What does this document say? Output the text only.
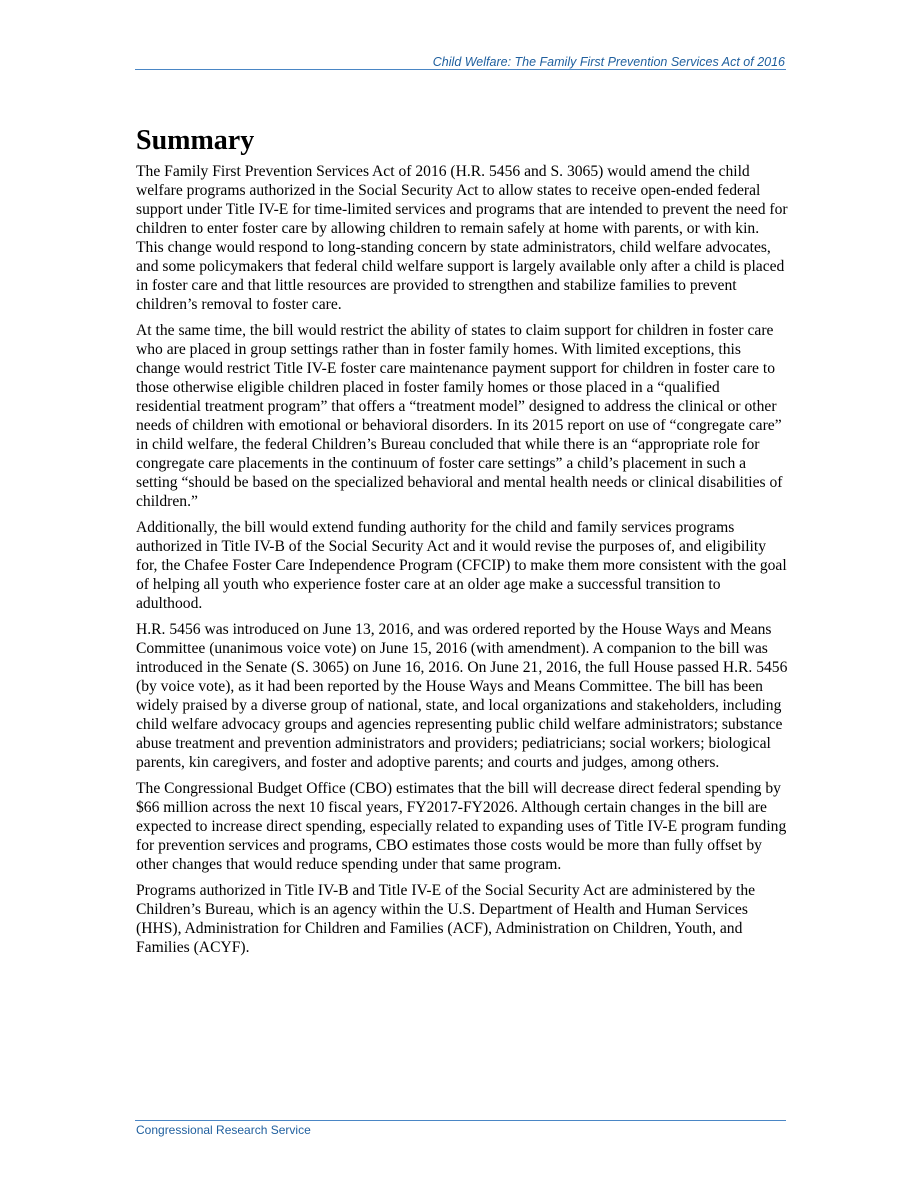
Child Welfare: The Family First Prevention Services Act of 2016
Summary

The Family First Prevention Services Act of 2016 (H.R. 5456 and S. 3065) would amend the child welfare programs authorized in the Social Security Act to allow states to receive open-ended federal support under Title IV-E for time-limited services and programs that are intended to prevent the need for children to enter foster care by allowing children to remain safely at home with parents, or with kin. This change would respond to long-standing concern by state administrators, child welfare advocates, and some policymakers that federal child welfare support is largely available only after a child is placed in foster care and that little resources are provided to strengthen and stabilize families to prevent children’s removal to foster care.

At the same time, the bill would restrict the ability of states to claim support for children in foster care who are placed in group settings rather than in foster family homes. With limited exceptions, this change would restrict Title IV-E foster care maintenance payment support for children in foster care to those otherwise eligible children placed in foster family homes or those placed in a “qualified residential treatment program” that offers a “treatment model” designed to address the clinical or other needs of children with emotional or behavioral disorders. In its 2015 report on use of “congregate care” in child welfare, the federal Children’s Bureau concluded that while there is an “appropriate role for congregate care placements in the continuum of foster care settings” a child’s placement in such a setting “should be based on the specialized behavioral and mental health needs or clinical disabilities of children.”

Additionally, the bill would extend funding authority for the child and family services programs authorized in Title IV-B of the Social Security Act and it would revise the purposes of, and eligibility for, the Chafee Foster Care Independence Program (CFCIP) to make them more consistent with the goal of helping all youth who experience foster care at an older age make a successful transition to adulthood.

H.R. 5456 was introduced on June 13, 2016, and was ordered reported by the House Ways and Means Committee (unanimous voice vote) on June 15, 2016 (with amendment). A companion to the bill was introduced in the Senate (S. 3065) on June 16, 2016. On June 21, 2016, the full House passed H.R. 5456 (by voice vote), as it had been reported by the House Ways and Means Committee. The bill has been widely praised by a diverse group of national, state, and local organizations and stakeholders, including child welfare advocacy groups and agencies representing public child welfare administrators; substance abuse treatment and prevention administrators and providers; pediatricians; social workers; biological parents, kin caregivers, and foster and adoptive parents; and courts and judges, among others.

The Congressional Budget Office (CBO) estimates that the bill will decrease direct federal spending by $66 million across the next 10 fiscal years, FY2017-FY2026. Although certain changes in the bill are expected to increase direct spending, especially related to expanding uses of Title IV-E program funding for prevention services and programs, CBO estimates those costs would be more than fully offset by other changes that would reduce spending under that same program.

Programs authorized in Title IV-B and Title IV-E of the Social Security Act are administered by the Children’s Bureau, which is an agency within the U.S. Department of Health and Human Services (HHS), Administration for Children and Families (ACF), Administration on Children, Youth, and Families (ACYF).

Congressional Research Service
